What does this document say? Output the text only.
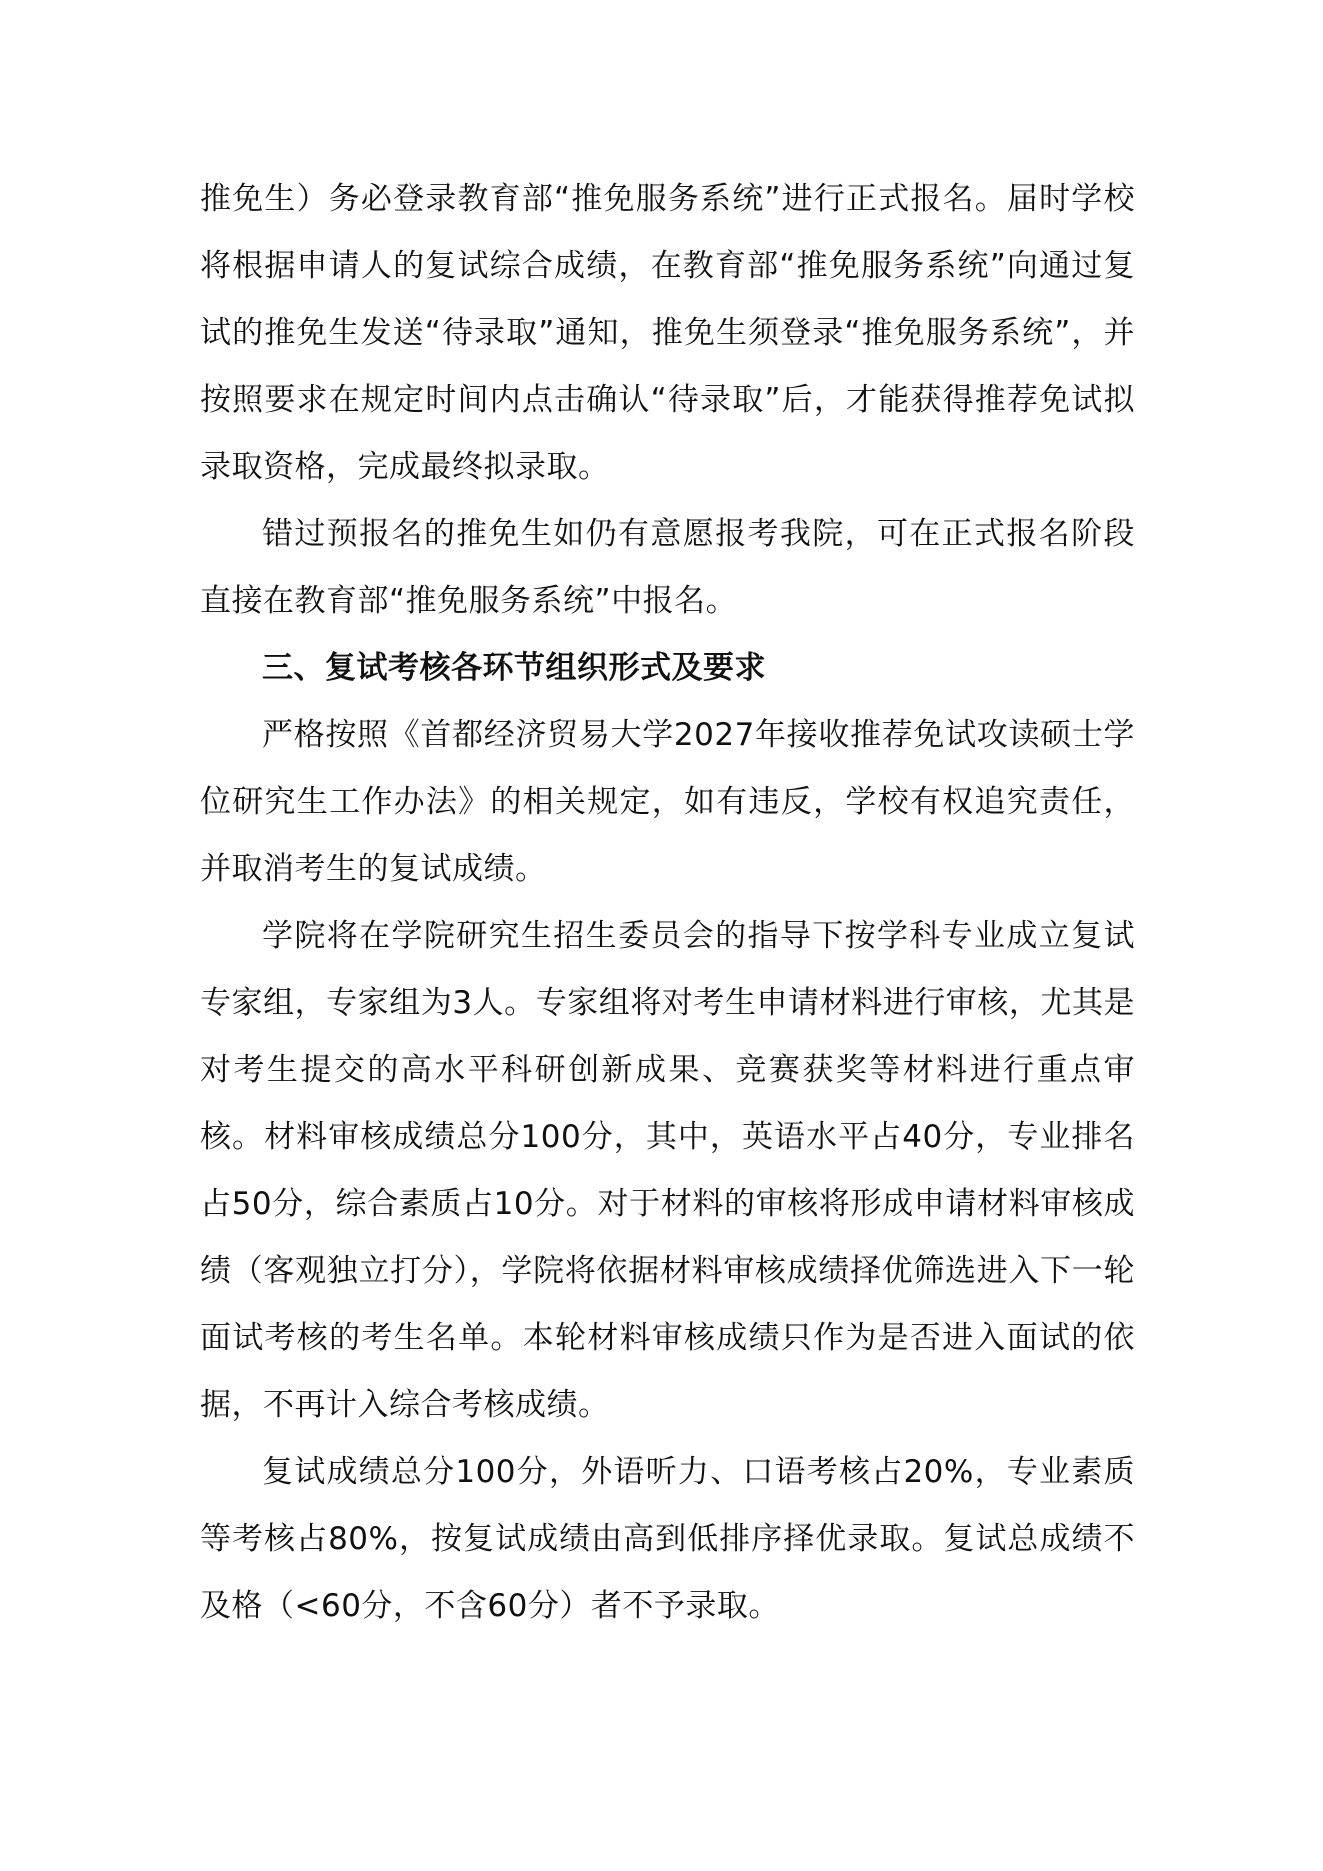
推免生）务必登录教育部“推免服务系统”进行正式报名。届时学校将根据申请人的复试综合成绩，在教育部“推免服务系统”向通过复试的推免生发送“待录取”通知，推免生须登录“推免服务系统”，并按照要求在规定时间内点击确认“待录取”后，才能获得推荐免试拟录取资格，完成最终拟录取。

错过预报名的推免生如仍有意愿报考我院，可在正式报名阶段直接在教育部“推免服务系统”中报名。

三、复试考核各环节组织形式及要求

严格按照《首都经济贸易大学2027年接收推荐免试攻读硕士学位研究生工作办法》的相关规定，如有违反，学校有权追究责任，并取消考生的复试成绩。

学院将在学院研究生招生委员会的指导下按学科专业成立复试专家组，专家组为3人。专家组将对考生申请材料进行审核，尤其是对考生提交的高水平科研创新成果、竞赛获奖等材料进行重点审核。材料审核成绩总分100分，其中，英语水平占40分，专业排名占50分，综合素质占10分。对于材料的审核将形成申请材料审核成绩（客观独立打分），学院将依据材料审核成绩择优筛选进入下一轮面试考核的考生名单。本轮材料审核成绩只作为是否进入面试的依据，不再计入综合考核成绩。

复试成绩总分100分，外语听力、口语考核占20%，专业素质等考核占80%，按复试成绩由高到低排序择优录取。复试总成绩不及格（<60分，不含60分）者不予录取。
